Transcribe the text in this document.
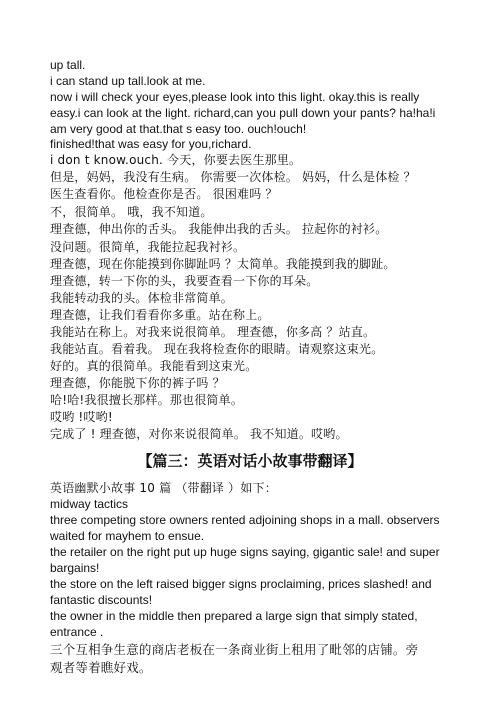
up tall.
i can stand up tall.look at me.
now i will check your eyes,please look into this light. okay.this is really
easy.i can look at the light. richard,can you pull down your pants? ha!ha!i
am very good at that.that s easy too. ouch!ouch!
finished!that was easy for you,richard.
i don t know.ouch. 今天，你要去医生那里。
但是，妈妈，我没有生病。 你需要一次体检。 妈妈，什么是体检 ？
医生查看你。他检查你是否。 很困难吗 ？
不，很简单。 哦，我不知道。
理查德，伸出你的舌头。 我能伸出我的舌头。 拉起你的衬衫。
没问题。很简单，我能拉起我衬衫。
理查德，现在你能摸到你脚趾吗 ？太简单。我能摸到我的脚趾。
理查德，转一下你的头，我要查看一下你的耳朵。
我能转动我的头。体检非常简单。
理查德，让我们看看你多重。站在称上。
我能站在称上。对我来说很简单。 理查德，你多高 ？站直。
我能站直。看着我。 现在我将检查你的眼睛。请观察这束光。
好的。真的很简单。我能看到这束光。
理查德，你能脱下你的裤子吗 ？
哈!哈!我很擅长那样。那也很简单。
哎哟 !哎哟!
完成了 ! 理查德，对你来说很简单。 我不知道。哎哟。
【篇三：英语对话小故事带翻译】
英语幽默小故事 10 篇 （带翻译 ）如下：
midway tactics
three competing store owners rented adjoining shops in a mall. observers
waited for mayhem to ensue.
the retailer on the right put up huge signs saying, gigantic sale! and super
bargains!
the store on the left raised bigger signs proclaiming, prices slashed! and
fantastic discounts!
the owner in the middle then prepared a large sign that simply stated,
entrance .
三个互相争生意的商店老板在一条商业街上租用了毗邻的店铺。旁
观者等着瞧好戏。
